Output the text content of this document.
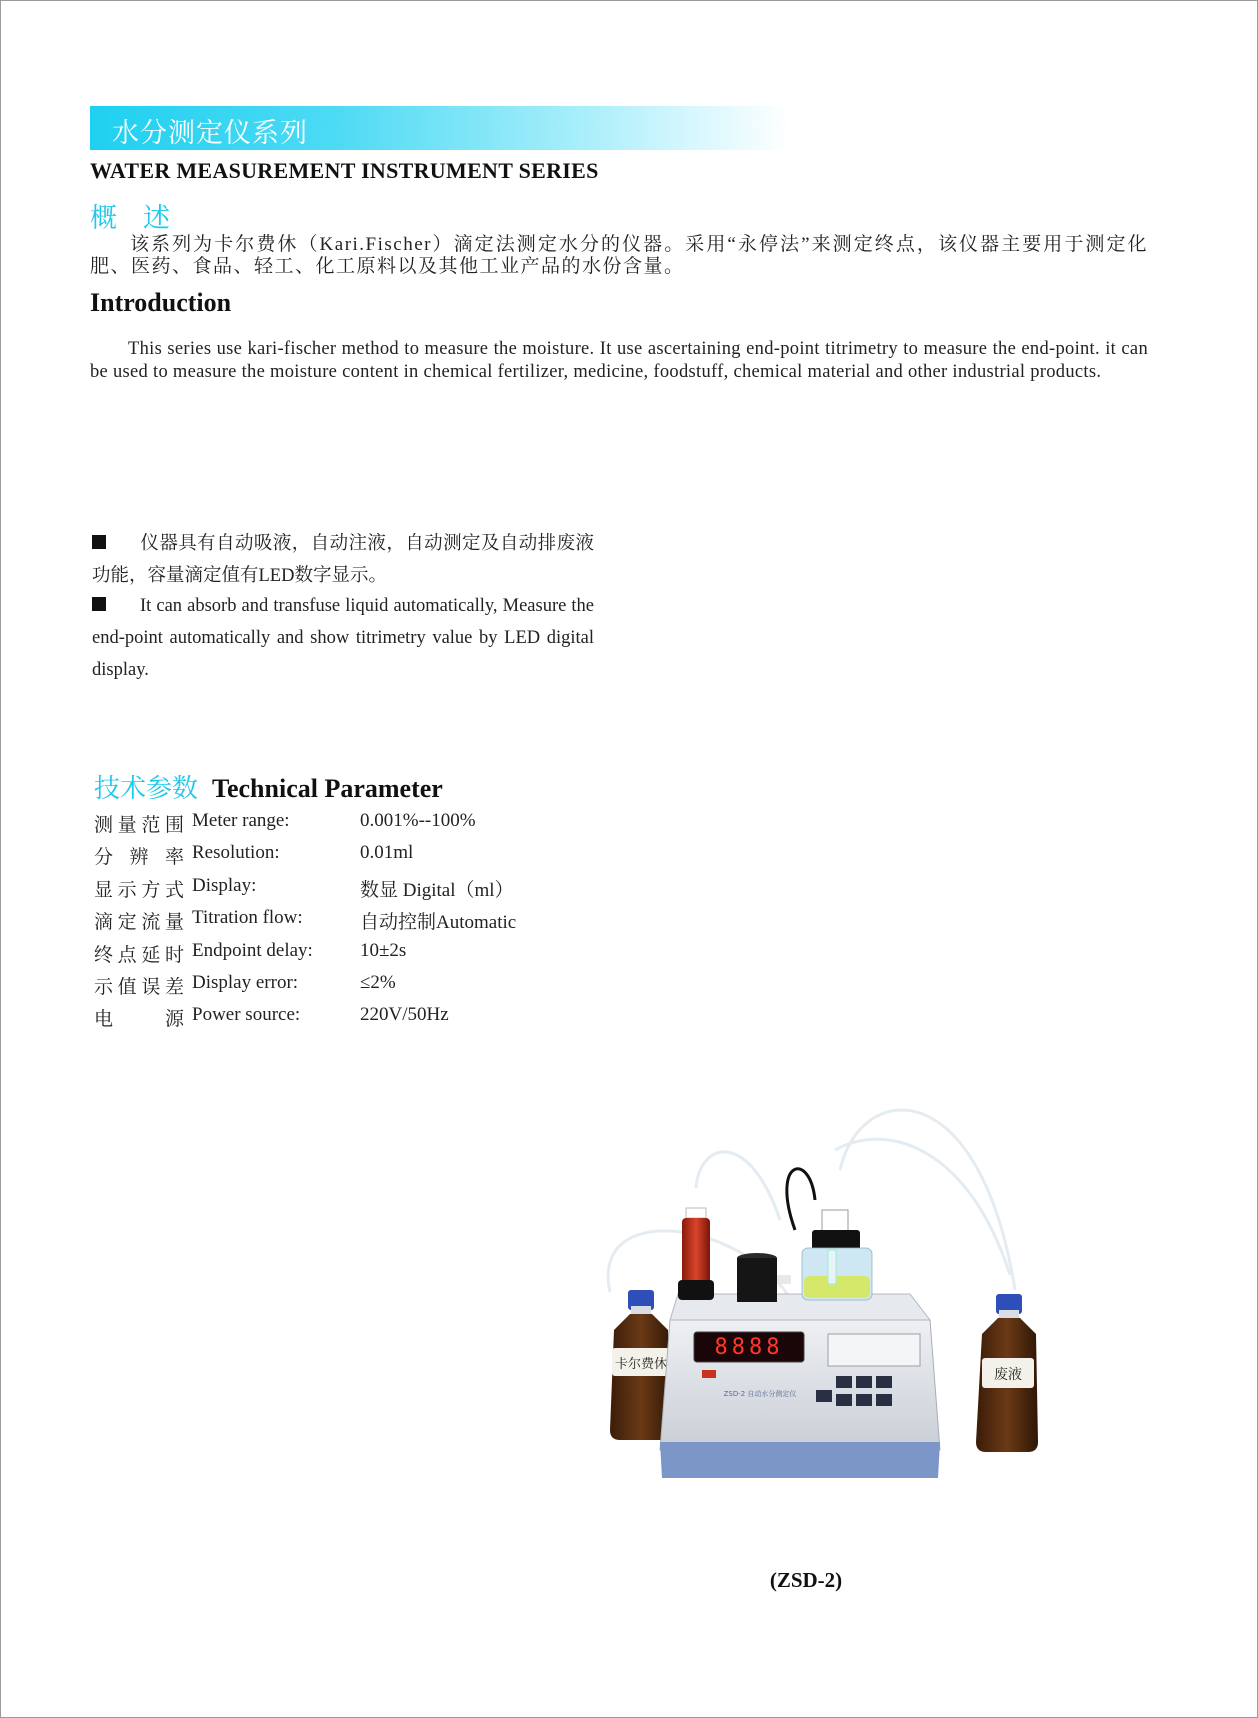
水分测定仪系列
WATER MEASUREMENT INSTRUMENT SERIES
概述
该系列为卡尔费休（Kari.Fischer）滴定法测定水分的仪器。采用“永停法”来测定终点，该仪器主要用于测定化肥、医药、食品、轻工、化工原料以及其他工业产品的水份含量。
Introduction
This series use kari-fischer method to measure the moisture. It use ascertaining end-point titrimetry to measure the end-point. it can be used to measure the moisture content in chemical fertilizer, medicine, foodstuff, chemical material and other industrial products.
仪器具有自动吸液，自动注液，自动测定及自动排废液功能，容量滴定值有LED数字显示。
It can absorb and transfuse liquid automatically, Measure the end-point automatically and show titrimetry value by LED digital display.
技术参数 Technical Parameter
测量范围 Meter range:	0.001%--100%
分辨率 Resolution:	0.01ml
显示方式 Display:	数显 Digital（ml）
滴定流量 Titration flow:	自动控制Automatic
终点延时 Endpoint delay: 10±2s
示值误差 Display error:	≤2%
电源 Power source:	220V/50Hz
卡尔费休
废液
8888
ZSD-2 自动水分测定仪
(ZSD-2)
